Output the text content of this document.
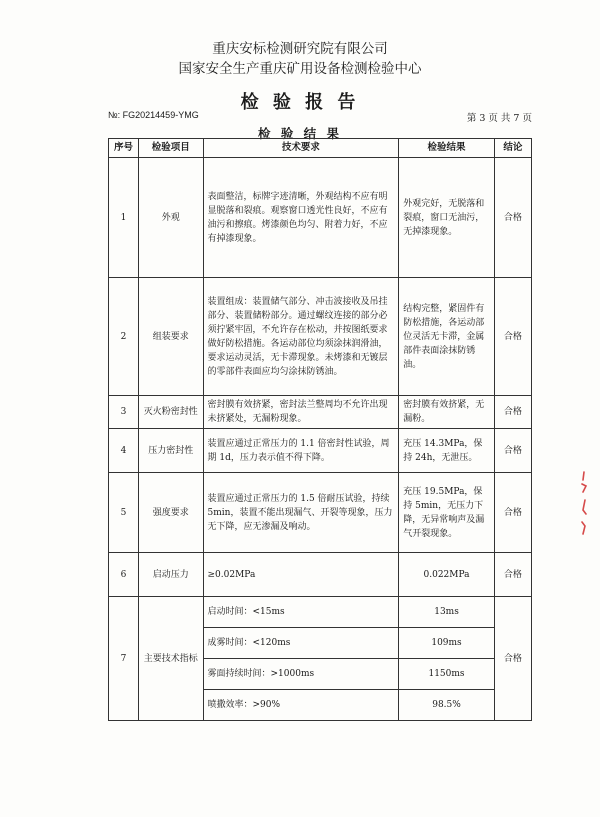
重庆安标检测研究院有限公司
国家安全生产重庆矿用设备检测检验中心
检 验 报 告
№: FG20214459-YMG	第 3 页 共 7 页
检 验 结 果
序号	检验项目	技术要求	检验结果	结论
1	外观	表面整洁，标牌字迹清晰，外观结构不应有明显脱落和裂痕。观察窗口透光性良好，不应有油污和擦痕。烤漆颜色均匀、附着力好，不应有掉漆现象。	外观完好，无脱落和裂痕，窗口无油污，无掉漆现象。	合格
2	组装要求	装置组成：装置储气部分、冲击波接收及吊挂部分、装置储粉部分。通过螺纹连接的部分必须拧紧牢固，不允许存在松动，并按图纸要求做好防松措施。各运动部位均须涂抹润滑油，要求运动灵活，无卡滞现象。未烤漆和无镀层的零部件表面应均匀涂抹防锈油。	结构完整，紧固件有防松措施，各运动部位灵活无卡滞，金属部件表面涂抹防锈油。	合格
3	灭火粉密封性	密封膜有效挤紧，密封法兰整周均不允许出现未挤紧处，无漏粉现象。	密封膜有效挤紧，无漏粉。	合格
4	压力密封性	装置应通过正常压力的 1.1 倍密封性试验，周期 1d，压力表示值不得下降。	充压 14.3MPa，保持 24h，无泄压。	合格
5	强度要求	装置应通过正常压力的 1.5 倍耐压试验，持续 5min，装置不能出现漏气、开裂等现象，压力无下降，应无渗漏及响动。	充压 19.5MPa，保持 5min，无压力下降，无异常响声及漏气开裂现象。	合格
6	启动压力	≥0.02MPa	0.022MPa	合格
7	主要技术指标	启动时间：<15ms	13ms	合格
		成雾时间：<120ms	109ms	
		雾面持续时间：>1000ms	1150ms	
		喷撒效率：>90%	98.5%	
